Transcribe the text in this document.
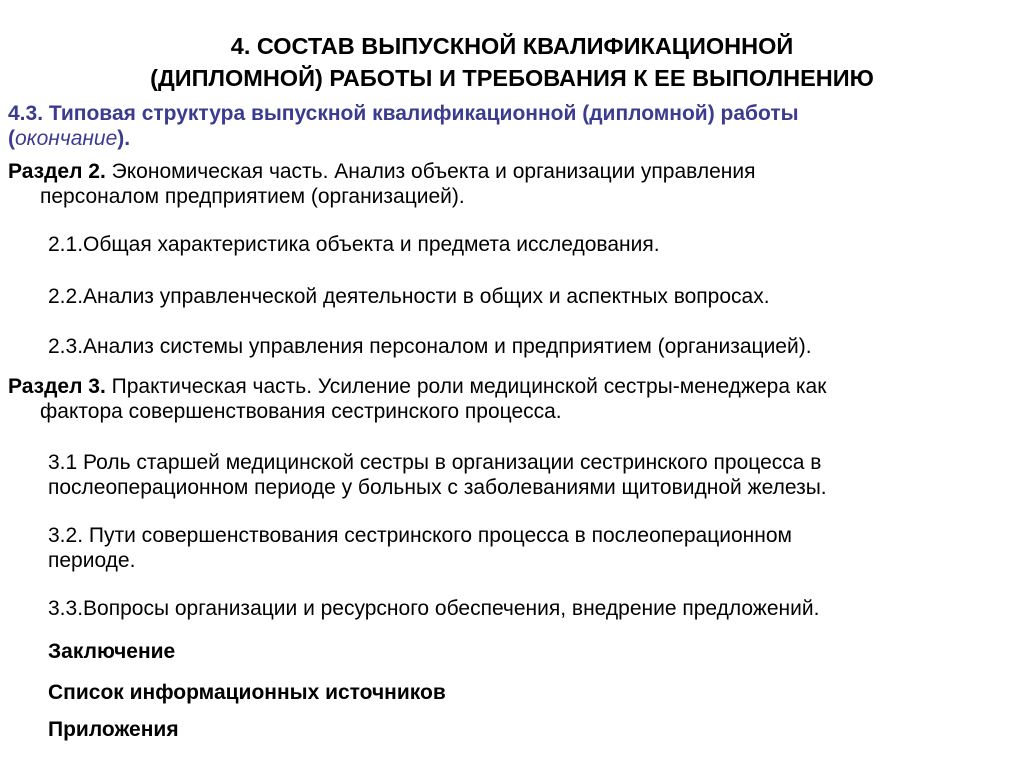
4. СОСТАВ ВЫПУСКНОЙ КВАЛИФИКАЦИОННОЙ
(ДИПЛОМНОЙ) РАБОТЫ И ТРЕБОВАНИЯ К ЕЕ ВЫПОЛНЕНИЮ
4.3. Типовая структура выпускной квалификационной (дипломной) работы
(окончание).
Раздел 2. Экономическая часть. Анализ объекта и организации управления
персоналом предприятием (организацией).
2.1.Общая характеристика объекта и предмета исследования.
2.2.Анализ управленческой деятельности в общих и аспектных вопросах.
2.3.Анализ системы управления персоналом и предприятием (организацией).
Раздел 3. Практическая часть. Усиление роли медицинской сестры-менеджера как
фактора совершенствования сестринского процесса.
3.1 Роль старшей медицинской сестры в организации сестринского процесса в
послеоперационном периоде у больных с заболеваниями щитовидной железы.
3.2. Пути совершенствования сестринского процесса в послеоперационном
периоде.
3.3.Вопросы организации и ресурсного обеспечения, внедрение предложений.
Заключение
Список информационных источников
Приложения
